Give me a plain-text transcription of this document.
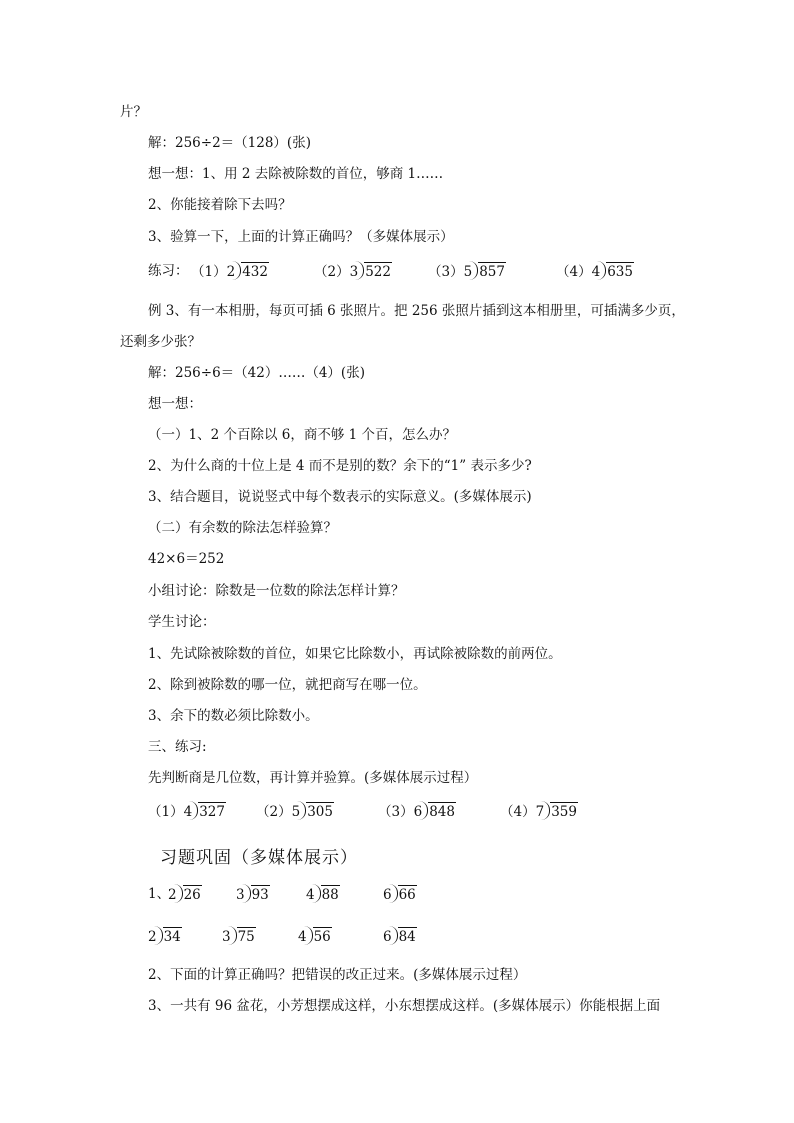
片？
解：256÷2＝（128）(张)
想一想：1、用 2 去除被除数的首位，够商 1……
2、你能接着除下去吗？
3、验算一下，上面的计算正确吗？（多媒体展示）
练习： （1）2 432	（2）3 522	（3）5 857	（4）4 635
例 3、有一本相册，每页可插 6 张照片。把 256 张照片插到这本相册里，可插满多少页，
还剩多少张？
解：256÷6＝（42）……（4）(张)
想一想：
（一）1、2 个百除以 6，商不够 1 个百，怎么办？
2、为什么商的十位上是 4 而不是别的数？余下的“1” 表示多少?
3、结合题目，说说竖式中每个数表示的实际意义。(多媒体展示)
（二）有余数的除法怎样验算？
42×6＝252
小组讨论：除数是一位数的除法怎样计算？
学生讨论：
1、先试除被除数的首位，如果它比除数小，再试除被除数的前两位。
2、除到被除数的哪一位，就把商写在哪一位。
3、余下的数必须比除数小。
三、练习:
先判断商是几位数，再计算并验算。(多媒体展示过程）
（1）4 327 （2）5 305	（3）6 848	（4）7 359
习题巩固（多媒体展示）
1、
2 26	3 93	4 88	6 66
2 34	3 75	4 56	6 84
2、下面的计算正确吗？把错误的改正过来。(多媒体展示过程）
3、一共有 96 盆花，小芳想摆成这样，小东想摆成这样。(多媒体展示）你能根据上面
